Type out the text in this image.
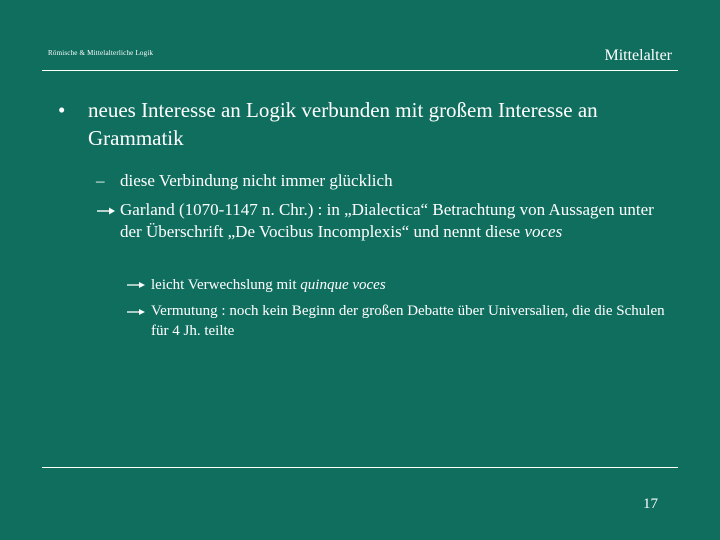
Römische & Mittelalterliche Logik	Mittelalter
• neues Interesse an Logik verbunden mit großem Interesse an Grammatik
– diese Verbindung nicht immer glücklich
Garland (1070-1147 n. Chr.) : in „Dialectica“ Betrachtung von Aussagen unter der Überschrift „De Vocibus Incomplexis“ und nennt diese voces
leicht Verwechslung mit quinque voces
Vermutung : noch kein Beginn der großen Debatte über Universalien, die die Schulen für 4 Jh. teilte
17
